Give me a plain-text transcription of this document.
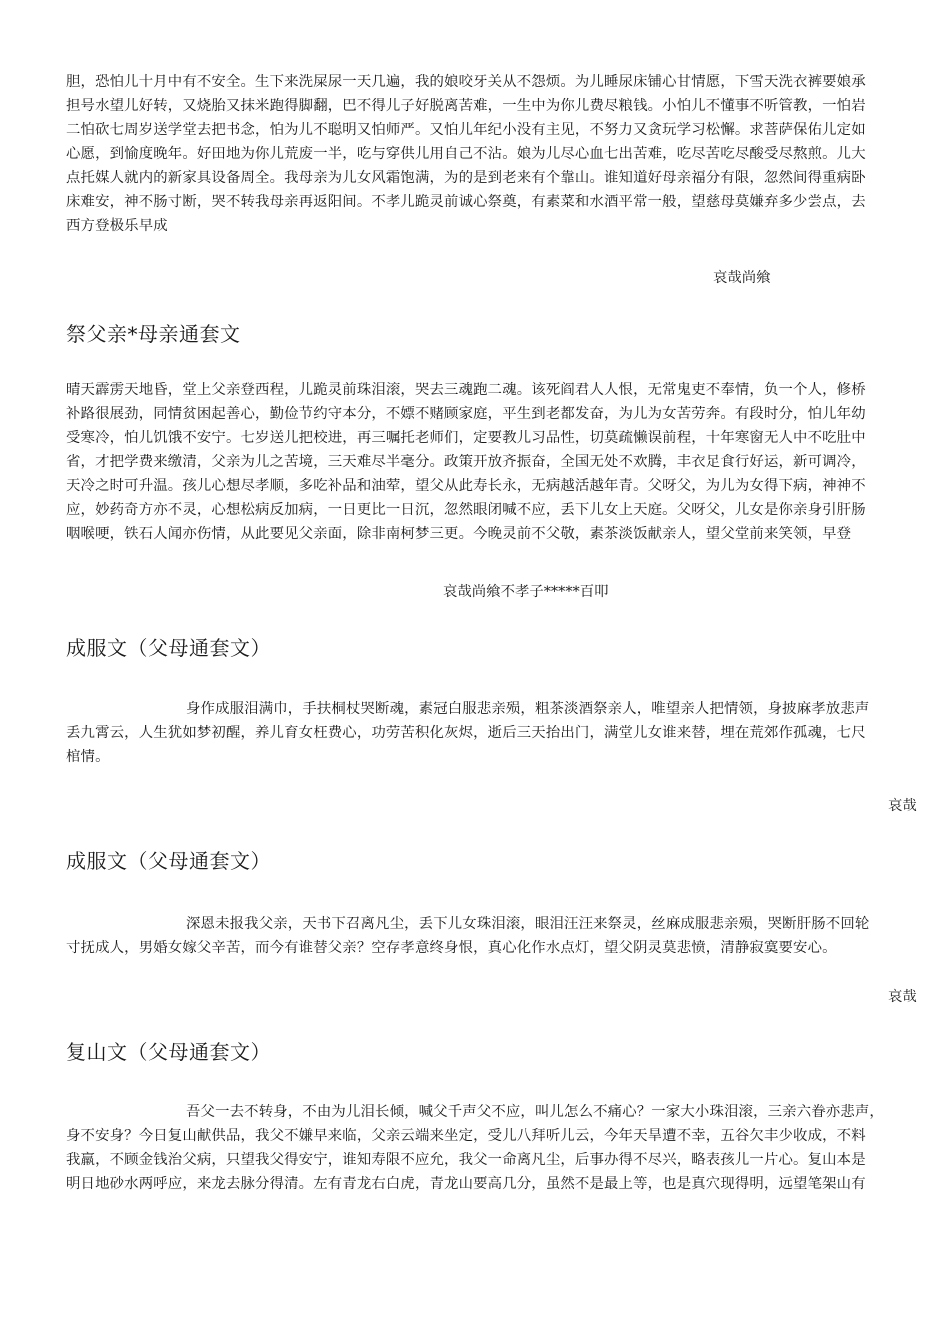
胆，恐怕儿十月中有不安全。生下来洗屎尿一天几遍，我的娘咬牙关从不怨烦。为儿睡尿床铺心甘情愿，下雪天洗衣裤要娘承
担号水望儿好转，又烧胎又抹米跑得脚翻，巴不得儿子好脱离苦难，一生中为你儿费尽粮钱。小怕儿不懂事不听管教，一怕岩
二怕砍七周岁送学堂去把书念，怕为儿不聪明又怕师严。又怕儿年纪小没有主见，不努力又贪玩学习松懈。求菩萨保佑儿定如
心愿，到愉度晚年。好田地为你儿荒废一半，吃与穿供儿用自己不沾。娘为儿尽心血七出苦难，吃尽苦吃尽酸受尽熬煎。儿大
点托媒人就内的新家具设备周全。我母亲为儿女风霜饱满，为的是到老来有个靠山。谁知道好母亲福分有限，忽然间得重病卧
床难安，神不肠寸断，哭不转我母亲再返阳间。不孝儿跪灵前诚心祭奠，有素菜和水酒平常一般，望慈母莫嫌弃多少尝点，去
西方登极乐早成
哀哉尚飨
祭父亲*母亲通套文
晴天霹雳天地昏，堂上父亲登西程，儿跪灵前珠泪滚，哭去三魂跑二魂。该死阎君人人恨，无常鬼吏不奉情，负一个人，修桥
补路很展劲，同情贫困起善心，勤俭节约守本分，不嫖不赌顾家庭，平生到老都发奋，为儿为女苦劳奔。有段时分，怕儿年幼
受寒冷，怕儿饥饿不安宁。七岁送儿把校进，再三嘱托老师们，定要教儿习品性，切莫疏懒误前程，十年寒窗无人中不吃肚中
省，才把学费来缴清，父亲为儿之苦境，三天难尽半毫分。政策开放齐振奋，全国无处不欢腾，丰衣足食行好运，新可调冷，
天冷之时可升温。孩儿心想尽孝顺，多吃补品和油荤，望父从此寿长永，无病越活越年青。父呀父，为儿为女得下病，神神不
应，妙药奇方亦不灵，心想松病反加病，一日更比一日沉，忽然眼闭喊不应，丢下儿女上天庭。父呀父，儿女是你亲身引肝肠
咽喉哽，铁石人闻亦伤情，从此要见父亲面，除非南柯梦三更。今晚灵前不父敬，素茶淡饭献亲人，望父堂前来笑领，早登
哀哉尚飨不孝子*****百叩
成服文（父母通套文）
身作成服泪满巾，手扶桐杖哭断魂，素冠白服悲亲殒，粗茶淡酒祭亲人，唯望亲人把情领，身披麻孝放悲声
丢九霄云，人生犹如梦初醒，养儿育女枉费心，功劳苦积化灰烬，逝后三天抬出门，满堂儿女谁来替，埋在荒郊作孤魂，七尺
棺情。
哀哉
成服文（父母通套文）
深恩未报我父亲，天书下召离凡尘，丢下儿女珠泪滚，眼泪汪汪来祭灵，丝麻成服悲亲殒，哭断肝肠不回轮
寸抚成人，男婚女嫁父辛苦，而今有谁替父亲？空存孝意终身恨，真心化作水点灯，望父阴灵莫悲愤，清静寂寞要安心。
哀哉
复山文（父母通套文）
吾父一去不转身，不由为儿泪长倾，喊父千声父不应，叫儿怎么不痛心？一家大小珠泪滚，三亲六眷亦悲声，
身不安身？今日复山献供品，我父不嫌早来临，父亲云端来坐定，受儿八拜听儿云，今年天旱遭不幸，五谷欠丰少收成，不料
我羸，不顾金钱治父病，只望我父得安宁，谁知寿限不应允，我父一命离凡尘，后事办得不尽兴，略表孩儿一片心。复山本是
明日地砂水两呼应，来龙去脉分得清。左有青龙右白虎，青龙山要高几分，虽然不是最上等，也是真穴现得明，远望笔架山有
